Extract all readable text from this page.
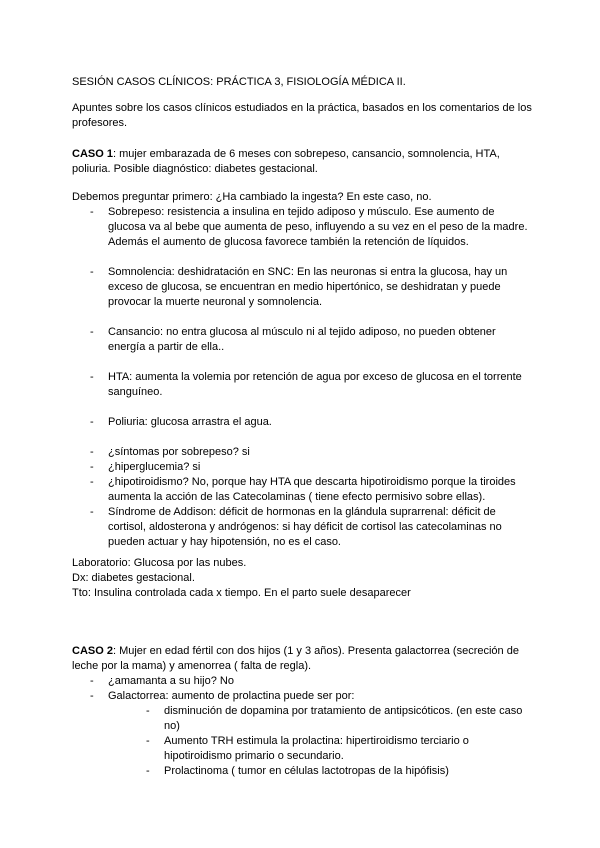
SESIÓN CASOS CLÍNICOS: PRÁCTICA 3, FISIOLOGÍA MÉDICA II.

Apuntes sobre los casos clínicos estudiados en la práctica, basados en los comentarios de los profesores.

CASO 1: mujer embarazada de 6 meses con sobrepeso, cansancio, somnolencia, HTA, poliuria. Posible diagnóstico: diabetes gestacional.

Debemos preguntar primero: ¿Ha cambiado la ingesta? En este caso, no.

- Sobrepeso: resistencia a insulina en tejido adiposo y músculo. Ese aumento de glucosa va al bebe que aumenta de peso, influyendo a su vez en el peso de la madre. Además el aumento de glucosa favorece también la retención de líquidos.
- Somnolencia: deshidratación en SNC: En las neuronas si entra la glucosa, hay un exceso de glucosa, se encuentran en medio hipertónico, se deshidratan y puede provocar la muerte neuronal y somnolencia.
- Cansancio: no entra glucosa al músculo ni al tejido adiposo, no pueden obtener energía a partir de ella..
- HTA: aumenta la volemia por retención de agua por exceso de glucosa en el torrente sanguíneo.
- Poliuria: glucosa arrastra el agua.
- ¿síntomas por sobrepeso? si
- ¿hiperglucemia? si
- ¿hipotiroidismo? No, porque hay HTA que descarta hipotiroidismo porque la tiroides aumenta la acción de las Catecolaminas ( tiene efecto permisivo sobre ellas).
- Síndrome de Addison: déficit de hormonas en la glándula suprarrenal: déficit de cortisol, aldosterona y andrógenos: si hay déficit de cortisol las catecolaminas no pueden actuar y hay hipotensión, no es el caso.

Laboratorio: Glucosa por las nubes.

Dx: diabetes gestacional.

Tto: Insulina controlada cada x tiempo. En el parto suele desaparecer

CASO 2: Mujer en edad fértil con dos hijos (1 y 3 años). Presenta galactorrea (secreción de leche por la mama) y amenorrea ( falta de regla).

- ¿amamanta a su hijo? No
- Galactorrea: aumento de prolactina puede ser por:
- disminución de dopamina por tratamiento de antipsicóticos. (en este caso no)
- Aumento TRH estimula la prolactina: hipertiroidismo terciario o hipotiroidismo primario o secundario.
- Prolactinoma ( tumor en células lactotropas de la hipófisis)
